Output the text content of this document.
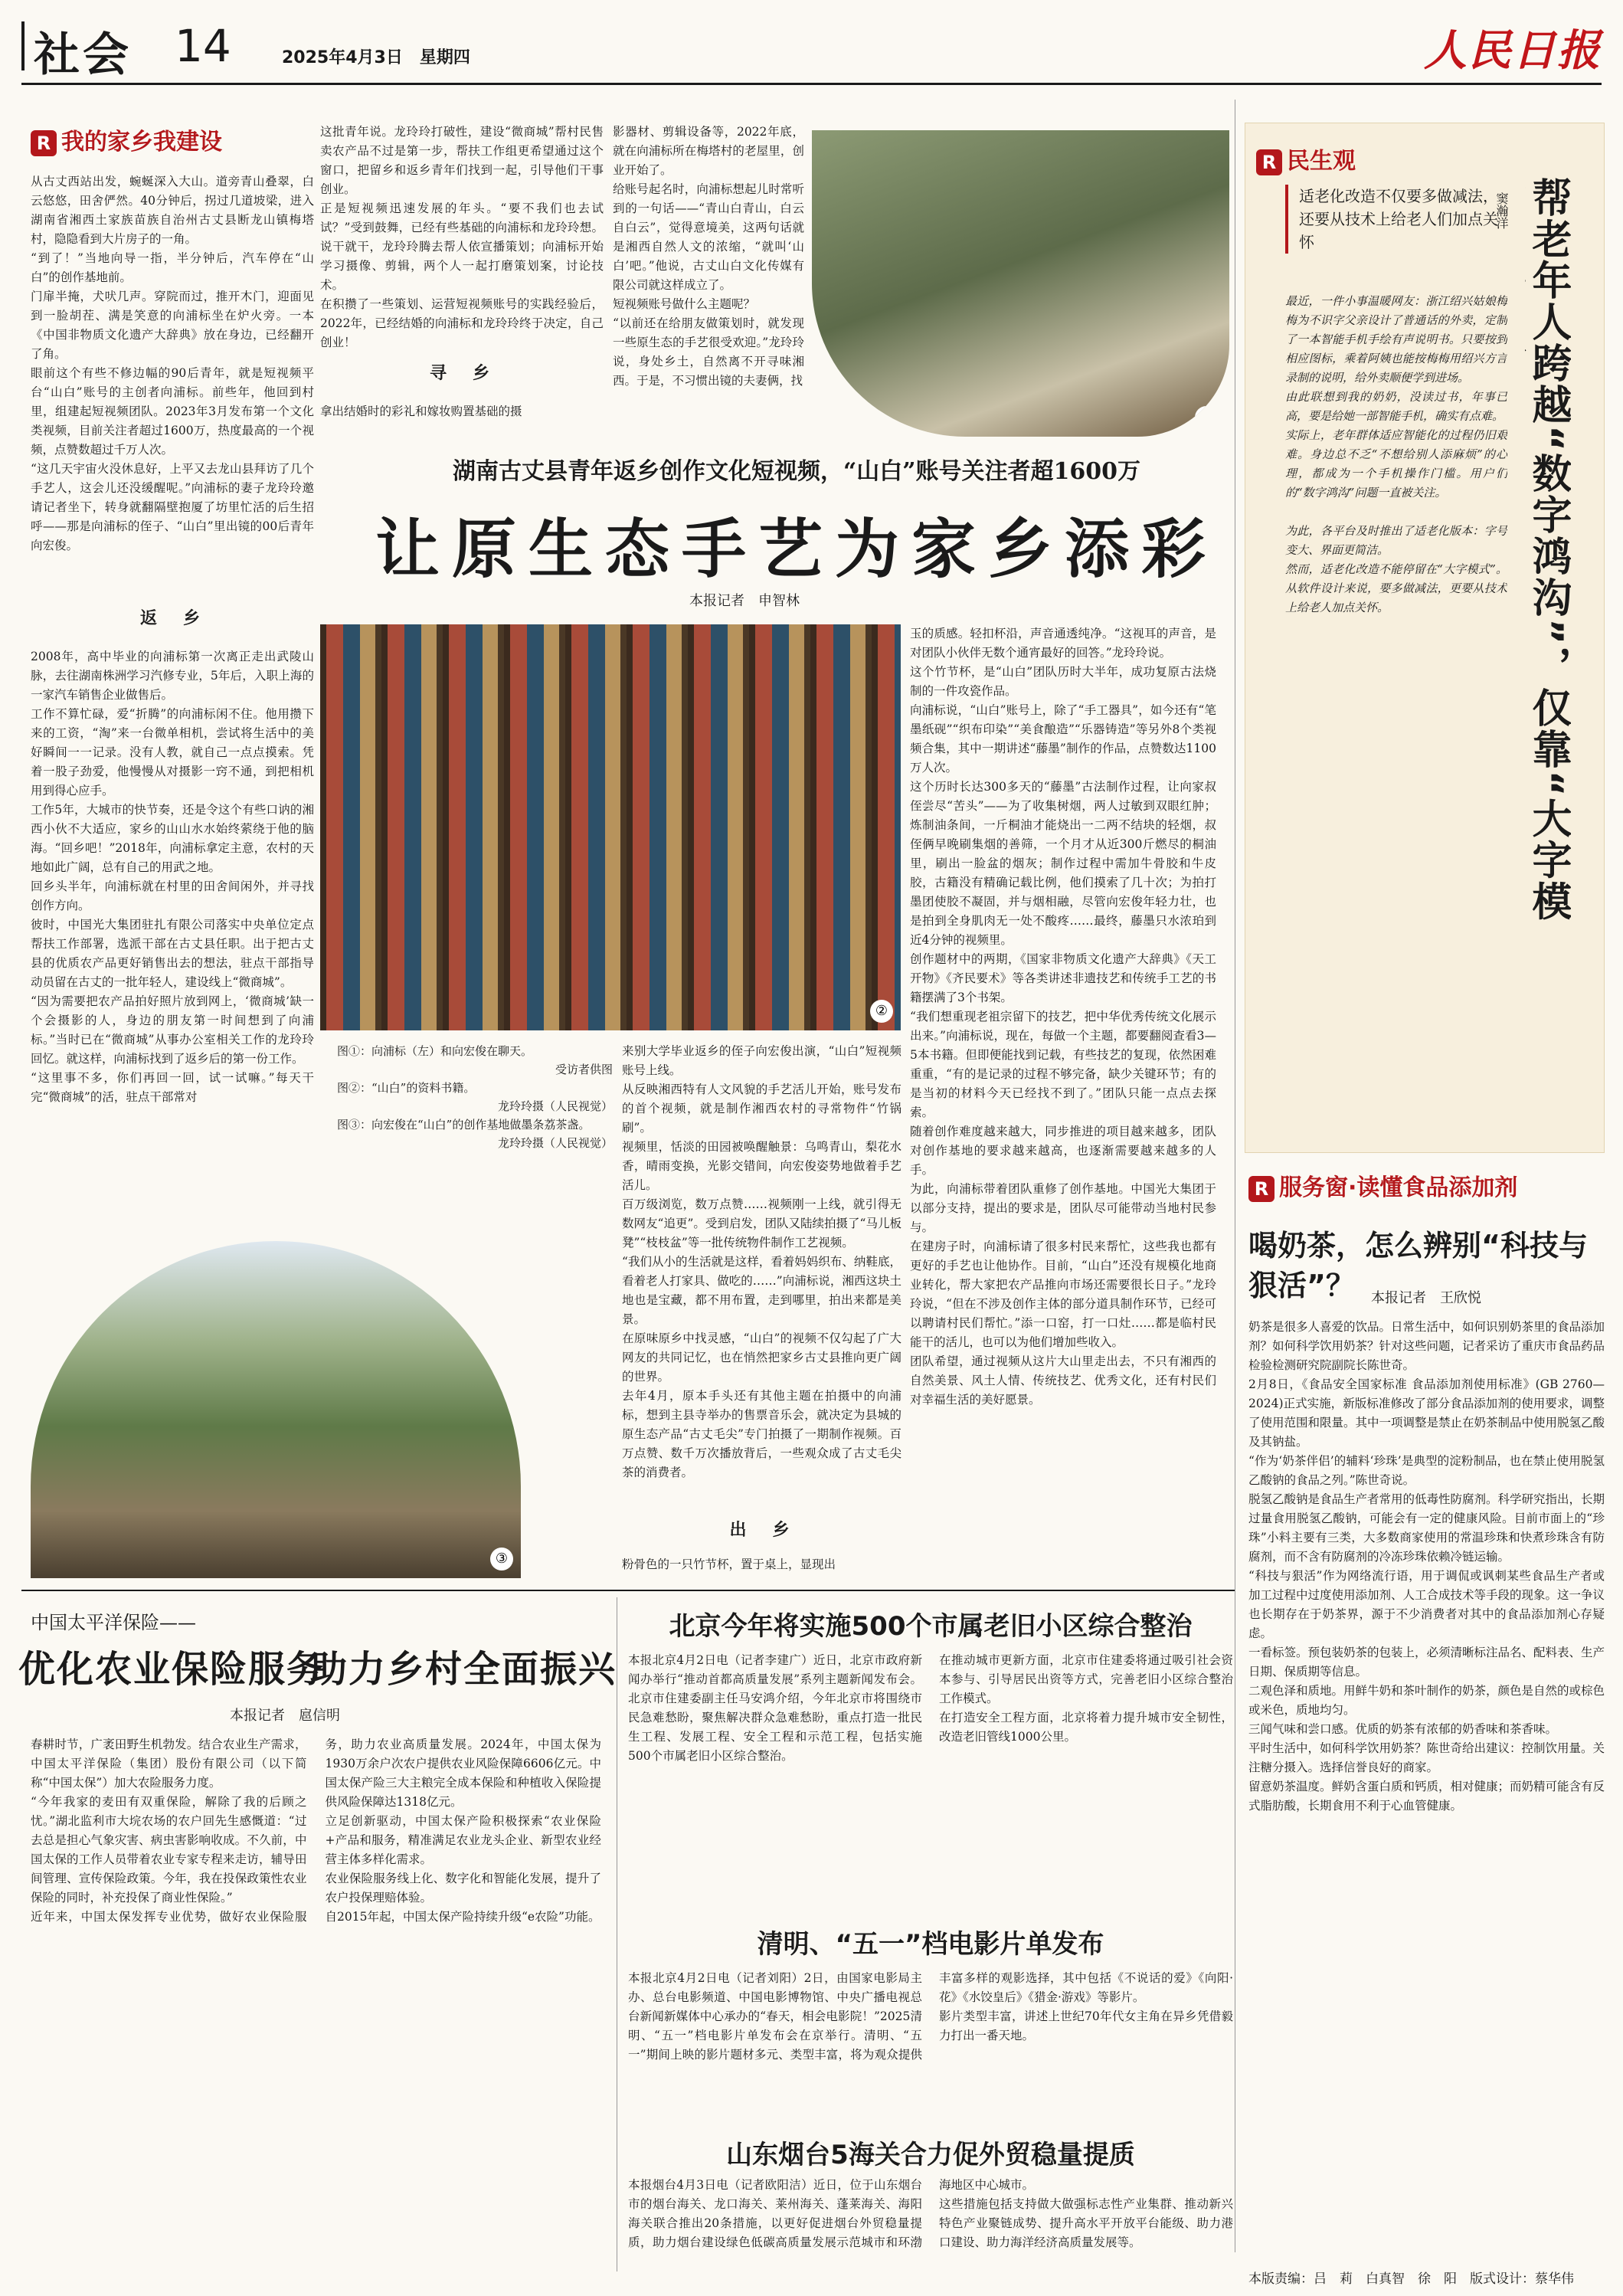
社会 14	2025年4月3日　星期四	人民日报
R 我的家乡我建设
从古丈西站出发，蜿蜒深入大山。道旁青山叠翠，白云悠悠，田舍俨然。40分钟后，拐过几道坡梁，进入湖南省湘西土家族苗族自治州古丈县断龙山镇梅塔村，隐隐看到大片房子的一角。
“到了！”当地向导一指，半分钟后，汽车停在“山白”的创作基地前。
门扉半掩，犬吠几声。穿院而过，推开木门，迎面见到一脸胡茬、满是笑意的向浦标坐在炉火旁。一本《中国非物质文化遗产大辞典》放在身边，已经翻开了角。
眼前这个有些不修边幅的90后青年，就是短视频平台“山白”账号的主创者向浦标。前些年，他回到村里，组建起短视频团队。2023年3月发布第一个文化类视频，目前关注者超过1600万，热度最高的一个视频，点赞数超过千万人次。
“这几天宇宙火没休息好，上平又去龙山县拜访了几个手艺人，这会儿还没缓醒呢。”向浦标的妻子龙玲玲邀请记者坐下，转身就翻隔壁抱厦了坊里忙活的后生招呼——那是向浦标的侄子、“山白”里出镜的00后青年向宏俊。
返　乡
2008年，高中毕业的向浦标第一次离正走出武陵山脉，去往湖南株洲学习汽修专业，5年后，入职上海的一家汽车销售企业做售后。
工作不算忙碌，爱“折腾”的向浦标闲不住。他用攒下来的工资，“淘”来一台微单相机，尝试将生活中的美好瞬间一一记录。没有人教，就自己一点点摸索。凭着一股子劲爱，他慢慢从对摄影一窍不通，到把相机用到得心应手。
工作5年，大城市的快节奏，还是令这个有些口讷的湘西小伙不大适应，家乡的山山水水始终萦绕于他的脑海。“回乡吧！”2018年，向浦标拿定主意，农村的天地如此广阔，总有自己的用武之地。
回乡头半年，向浦标就在村里的田舍间闲外，并寻找创作方向。
彼时，中国光大集团驻扎有限公司落实中央单位定点帮扶工作部署，选派干部在古丈县任职。出于把古丈县的优质农产品更好销售出去的想法，驻点干部指导动员留在古丈的一批年轻人，建设线上“微商城”。
“因为需要把农产品拍好照片放到网上，‘微商城’缺一个会摄影的人，身边的朋友第一时间想到了向浦标。”当时已在“微商城”从事办公室相关工作的龙玲玲回忆。就这样，向浦标找到了返乡后的第一份工作。
“这里事不多，你们再回一回，试一试嘛。”每天干完“微商城”的活，驻点干部常对
这批青年说。龙玲玲打破性，建设“微商城”帮村民售卖农产品不过是第一步，帮扶工作组更希望通过这个窗口，把留乡和返乡青年们找到一起，引导他们干事创业。
正是短视频迅速发展的年头。“要不我们也去试试？”受到鼓舞，已经有些基础的向浦标和龙玲玲想。说干就干，龙玲玲腾去帮人依宣播策划；向浦标开始学习摄像、剪辑，两个人一起打磨策划案，讨论技术。
在积攒了一些策划、运营短视频账号的实践经验后，2022年，已经结婚的向浦标和龙玲玲终于决定，自己创业！
寻　乡
拿出结婚时的彩礼和嫁妆购置基础的摄
影器材、剪辑设备等，2022年底，就在向浦标所在梅塔村的老屋里，创业开始了。
给账号起名时，向浦标想起儿时常听到的一句话——“青山白青山，白云自白云”，觉得意境美，这两句话就是湘西自然人文的浓缩，“就叫‘山白’吧。”他说，古丈山白文化传媒有限公司就这样成立了。
短视频账号做什么主题呢？
“以前还在给朋友做策划时，就发现一些原生态的手艺很受欢迎。”龙玲玲说，身处乡土，自然离不开寻味湘西。于是，不习惯出镜的夫妻俩，找
①
湖南古丈县青年返乡创作文化短视频，“山白”账号关注者超1600万
让原生态手艺为家乡添彩
本报记者　申智林
②
图①：向浦标（左）和向宏俊在聊天。
受访者供图
图②：“山白”的资料书籍。
龙玲玲摄（人民视觉）
图③：向宏俊在“山白”的创作基地做墨条荔茶盏。
龙玲玲摄（人民视觉）
③
来别大学毕业返乡的侄子向宏俊出演，“山白”短视频账号上线。
从反映湘西特有人文风貌的手艺活儿开始，账号发布的首个视频，就是制作湘西农村的寻常物件“竹锅刷”。
视频里，恬淡的田园被唤醒触景：乌鸣青山，梨花水香，晴雨变换，光影交错间，向宏俊姿势地做着手艺活儿。
百万级浏览，数万点赞……视频刚一上线，就引得无数网友“追更”。受到启发，团队又陆续拍摄了“马儿板凳”“枝枝盆”等一批传统物件制作工艺视频。
“我们从小的生活就是这样，看着妈妈织布、纳鞋底，看着老人打家具、做吃的……”向浦标说，湘西这块土地也是宝藏，都不用布置，走到哪里，拍出来都是美景。
在原味原乡中找灵感，“山白”的视频不仅勾起了广大网友的共同记忆，也在悄然把家乡古丈县推向更广阔的世界。
去年4月，原本手头还有其他主题在拍摄中的向浦标，想到主县寺举办的售票音乐会，就决定为县城的原生态产品“古丈毛尖”专门拍摄了一期制作视频。百万点赞、数千万次播放背后，一些观众成了古丈毛尖茶的消费者。
出　乡
粉骨色的一只竹节杯，置于桌上，显现出
玉的质感。轻扣杯沿，声音通透纯净。“这视耳的声音，是对团队小伙伴无数个通宵最好的回答。”龙玲玲说。
这个竹节杯，是“山白”团队历时大半年，成功复原古法烧制的一件攻瓷作品。
向浦标说，“山白”账号上，除了“手工器具”，如今还有“笔墨纸砚”“织布印染”“美食酿造”“乐器铸造”等另外8个类视频合集，其中一期讲述“藤墨”制作的作品，点赞数达1100万人次。
这个历时长达300多天的“藤墨”古法制作过程，让向家叔侄尝尽“苦头”——为了收集树烟，两人过敏到双眼红肿；炼制油条间，一斤桐油才能烧出一二两不结块的轻烟，叔侄俩早晚刷集烟的善筛，一个月才从近300斤燃尽的桐油里，刷出一脸盆的烟灰；制作过程中需加牛骨胶和牛皮胶，古籍没有精确记载比例，他们摸索了几十次；为拍打墨团使胶不凝固，并与烟相融，尽管向宏俊年轻力壮，也是拍到全身肌肉无一处不酸疼……最终，藤墨只水浓珀到近4分钟的视频里。
创作题材中的两期，《国家非物质文化遗产大辞典》《天工开物》《齐民要术》等各类讲述非遗技艺和传统手工艺的书籍摆满了3个书架。
“我们想重现老祖宗留下的技艺，把中华优秀传统文化展示出来。”向浦标说，现在，每做一个主题，都要翻阅查看3—5本书籍。但即便能找到记载，有些技艺的复现，依然困难重重，“有的是记录的过程不够完备，缺少关键环节；有的是当初的材料今天已经找不到了。”团队只能一点点去探索。
随着创作难度越来越大，同步推进的项目越来越多，团队对创作基地的要求越来越高，也逐渐需要越来越多的人手。
为此，向浦标带着团队重修了创作基地。中国光大集团于以部分支持，提出的要求是，团队尽可能带动当地村民参与。
在建房子时，向浦标请了很多村民来帮忙，这些我也都有更好的手艺也让他协作。目前，“山白”还没有规模化地商业转化，帮大家把农产品推向市场还需要很长日子。”龙玲玲说，“但在不涉及创作主体的部分道具制作环节，已经可以聘请村民们帮忙。”添一口窑，打一口灶……都是临村民能干的活儿，也可以为他们增加些收入。
团队希望，通过视频从这片大山里走出去，不只有湘西的自然美景、风土人情、传统技艺、优秀文化，还有村民们对幸福生活的美好愿景。
R 民生观
适老化改造不仅要多做减法，还要从技术上给老人们加点关怀
帮老年人跨越“数字鸿沟”，仅靠“大字模
窦瀚洋
最近，一件小事温暖网友：浙江绍兴姑娘梅梅为不识字父亲设计了普通话的外卖，定制了一本智能手机手绘有声说明书。只要按到相应图标，乘着阿姨也能按梅梅用绍兴方言录制的说明，给外卖顺便学到进场。
由此联想到我的奶奶，没读过书，年事已高，要是给她一部智能手机，确实有点难。
实际上，老年群体适应智能化的过程仍旧艰难。身边总不乏“不想给别人添麻烦”的心理，都成为一个手机操作门槛。用户们的“数字鸿沟”问题一直被关注。

为此，各平台及时推出了适老化版本：字号变大、界面更简洁。
然而，适老化改造不能停留在“大字模式”。从软件设计来说，要多做减法，更要从技术上给老人加点关怀。
R 服务窗·读懂食品添加剂
喝奶茶，怎么辨别“科技与狠活”？	本报记者　王欣悦
奶茶是很多人喜爱的饮品。日常生活中，如何识别奶茶里的食品添加剂？如何科学饮用奶茶？针对这些问题，记者采访了重庆市食品药品检验检测研究院副院长陈世奇。
2月8日，《食品安全国家标准 食品添加剂使用标准》(GB 2760—2024)正式实施，新版标准修改了部分食品添加剂的使用要求，调整了使用范围和限量。其中一项调整是禁止在奶茶制品中使用脱氢乙酸及其钠盐。
“作为‘奶茶伴侣’的辅料‘珍珠’是典型的淀粉制品，也在禁止使用脱氢乙酸钠的食品之列。”陈世奇说。
脱氢乙酸钠是食品生产者常用的低毒性防腐剂。科学研究指出，长期过量食用脱氢乙酸钠，可能会有一定的健康风险。目前市面上的“珍珠”小料主要有三类，大多数商家使用的常温珍珠和快煮珍珠含有防腐剂，而不含有防腐剂的冷冻珍珠依赖冷链运输。
“科技与狠活”作为网络流行语，用于调侃或讽刺某些食品生产者或加工过程中过度使用添加剂、人工合成技术等手段的现象。这一争议也长期存在于奶茶界，源于不少消费者对其中的食品添加剂心存疑虑。
一看标签。预包装奶茶的包装上，必须清晰标注品名、配料表、生产日期、保质期等信息。
二观色泽和质地。用鲜牛奶和茶叶制作的奶茶，颜色是自然的或棕色或米色，质地均匀。
三闻气味和尝口感。优质的奶茶有浓郁的奶香味和茶香味。
平时生活中，如何科学饮用奶茶？陈世奇给出建议：控制饮用量。关注糖分摄入。选择信誉良好的商家。
留意奶茶温度。鲜奶含蛋白质和钙质，相对健康；而奶精可能含有反式脂肪酸，长期食用不利于心血管健康。
中国太平洋保险——
优化农业保险服务
助力乡村全面振兴
本报记者　扈信明
春耕时节，广袤田野生机勃发。结合农业生产需求，中国太平洋保险（集团）股份有限公司（以下简称“中国太保”）加大农险服务力度。
“今年我家的麦田有双重保险，解除了我的后顾之忧。”湖北监利市大垸农场的农户回先生感慨道：“过去总是担心气象灾害、病虫害影响收成。不久前，中国太保的工作人员带着农业专家专程来走访，辅导田间管理、宣传保险政策。今年，我在投保政策性农业保险的同时，补充投保了商业性保险。”
近年来，中国太保发挥专业优势，做好农业保险服务，助力农业高质量发展。2024年，中国太保为1930万余户次农户提供农业风险保障6606亿元。中国太保产险三大主粮完全成本保险和种植收入保险提供风险保障达1318亿元。
立足创新驱动，中国太保产险积极探索“农业保险+产品和服务，精准满足农业龙头企业、新型农业经营主体多样化需求。
农业保险服务线上化、数字化和智能化发展，提升了农户投保理赔体验。
自2015年起，中国太保产险持续升级“e农险”功能。
北京今年将实施500个市属老旧小区综合整治
本报北京4月2日电（记者李建广）近日，北京市政府新闻办举行“推动首都高质量发展”系列主题新闻发布会。北京市住建委副主任马安鸿介绍，今年北京市将围绕市民急难愁盼，聚焦解决群众急难愁盼，重点打造一批民生工程、发展工程、安全工程和示范工程，包括实施500个市属老旧小区综合整治。
在推动城市更新方面，北京市住建委将通过吸引社会资本参与、引导居民出资等方式，完善老旧小区综合整治工作模式。
在打造安全工程方面，北京将着力提升城市安全韧性，改造老旧管线1000公里。
清明、“五一”档电影片单发布
本报北京4月2日电（记者刘阳）2日，由国家电影局主办、总台电影频道、中国电影博物馆、中央广播电视总台新闻新媒体中心承办的“春天，相会电影院！”2025清明、“五一”档电影片单发布会在京举行。清明、“五一”期间上映的影片题材多元、类型丰富，将为观众提供丰富多样的观影选择，其中包括《不说话的爱》《向阳·花》《水饺皇后》《猎金·游戏》等影片。
影片类型丰富，讲述上世纪70年代女主角在异乡凭借毅力打出一番天地。
山东烟台5海关合力促外贸稳量提质
本报烟台4月3日电（记者欧阳洁）近日，位于山东烟台市的烟台海关、龙口海关、莱州海关、蓬莱海关、海阳海关联合推出20条措施，以更好促进烟台外贸稳量提质，助力烟台建设绿色低碳高质量发展示范城市和环渤海地区中心城市。
这些措施包括支持做大做强标志性产业集群、推动新兴特色产业聚链成势、提升高水平开放平台能级、助力港口建设、助力海洋经济高质量发展等。
本版责编：吕　莉　白真智　徐　阳　版式设计：蔡华伟
